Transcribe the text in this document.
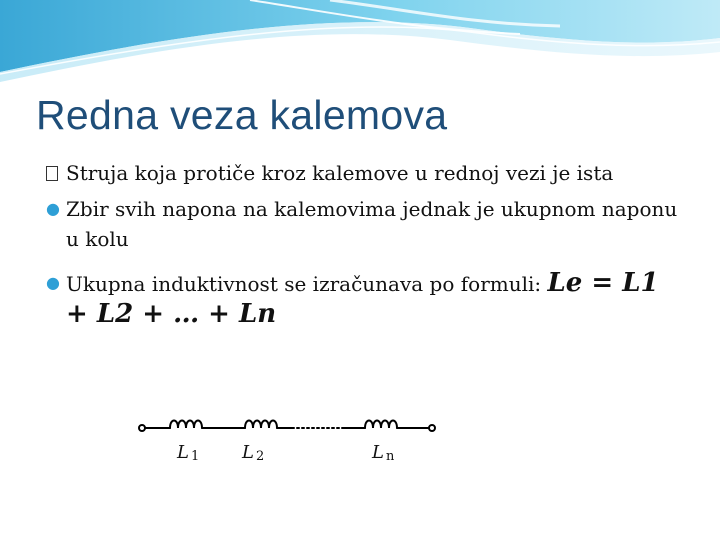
Redna veza kalemova
Struja koja protiče kroz kalemove u rednoj vezi je ista
● Zbir svih napona na kalemovima jednak je ukupnom naponu u kolu
● Ukupna induktivnost se izračunava po formuli: Le = L1 + L2 + … + Ln
L 1 L 2	L n
